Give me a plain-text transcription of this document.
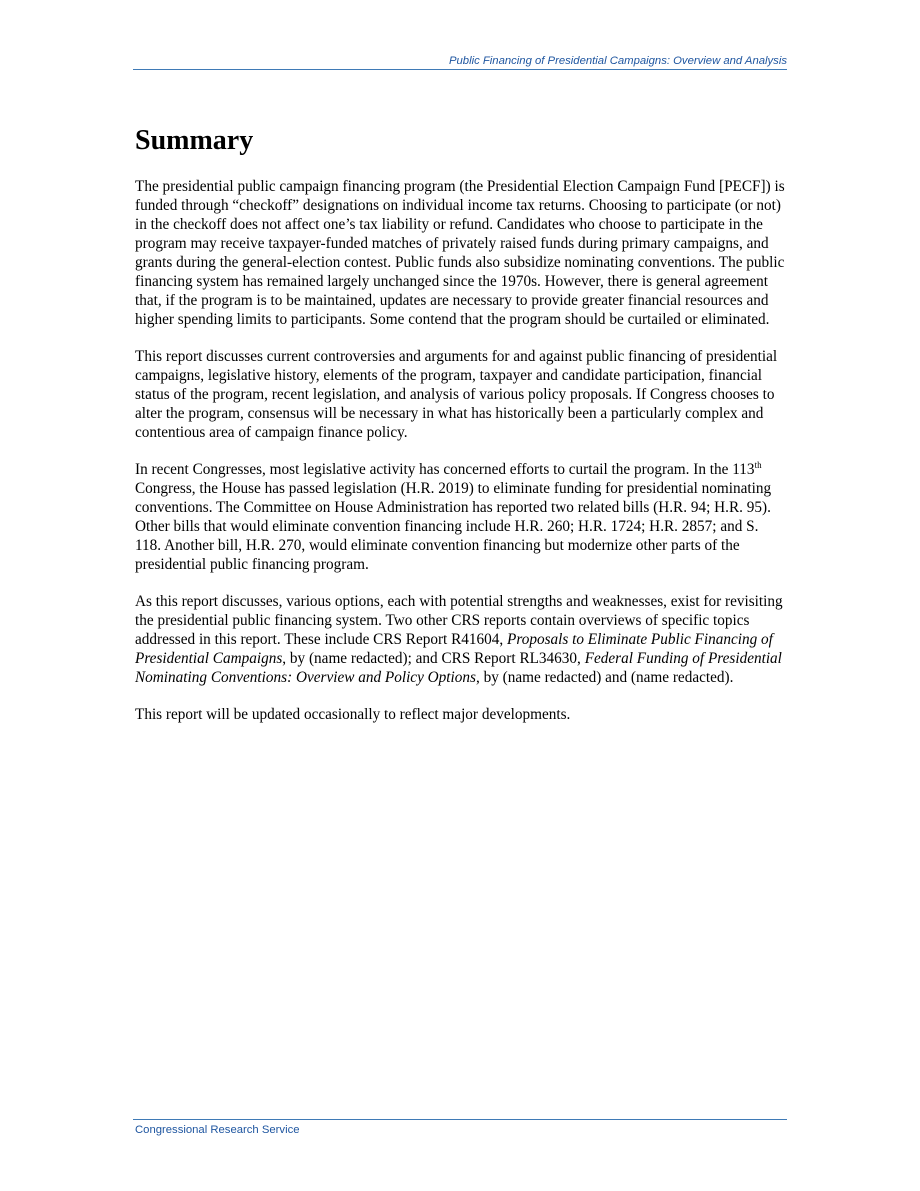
Public Financing of Presidential Campaigns: Overview and Analysis
Summary

The presidential public campaign financing program (the Presidential Election Campaign Fund [PECF]) is funded through “checkoff” designations on individual income tax returns. Choosing to participate (or not) in the checkoff does not affect one’s tax liability or refund. Candidates who choose to participate in the program may receive taxpayer-funded matches of privately raised funds during primary campaigns, and grants during the general-election contest. Public funds also subsidize nominating conventions. The public financing system has remained largely unchanged since the 1970s. However, there is general agreement that, if the program is to be maintained, updates are necessary to provide greater financial resources and higher spending limits to participants. Some contend that the program should be curtailed or eliminated.

This report discusses current controversies and arguments for and against public financing of presidential campaigns, legislative history, elements of the program, taxpayer and candidate participation, financial status of the program, recent legislation, and analysis of various policy proposals. If Congress chooses to alter the program, consensus will be necessary in what has historically been a particularly complex and contentious area of campaign finance policy.

In recent Congresses, most legislative activity has concerned efforts to curtail the program. In the 113th Congress, the House has passed legislation (H.R. 2019) to eliminate funding for presidential nominating conventions. The Committee on House Administration has reported two related bills (H.R. 94; H.R. 95). Other bills that would eliminate convention financing include H.R. 260; H.R. 1724; H.R. 2857; and S. 118. Another bill, H.R. 270, would eliminate convention financing but modernize other parts of the presidential public financing program.

As this report discusses, various options, each with potential strengths and weaknesses, exist for revisiting the presidential public financing system. Two other CRS reports contain overviews of specific topics addressed in this report. These include CRS Report R41604, Proposals to Eliminate Public Financing of Presidential Campaigns, by (name redacted); and CRS Report RL34630, Federal Funding of Presidential Nominating Conventions: Overview and Policy Options, by (name redacted) and (name redacted).

This report will be updated occasionally to reflect major developments.

Congressional Research Service
